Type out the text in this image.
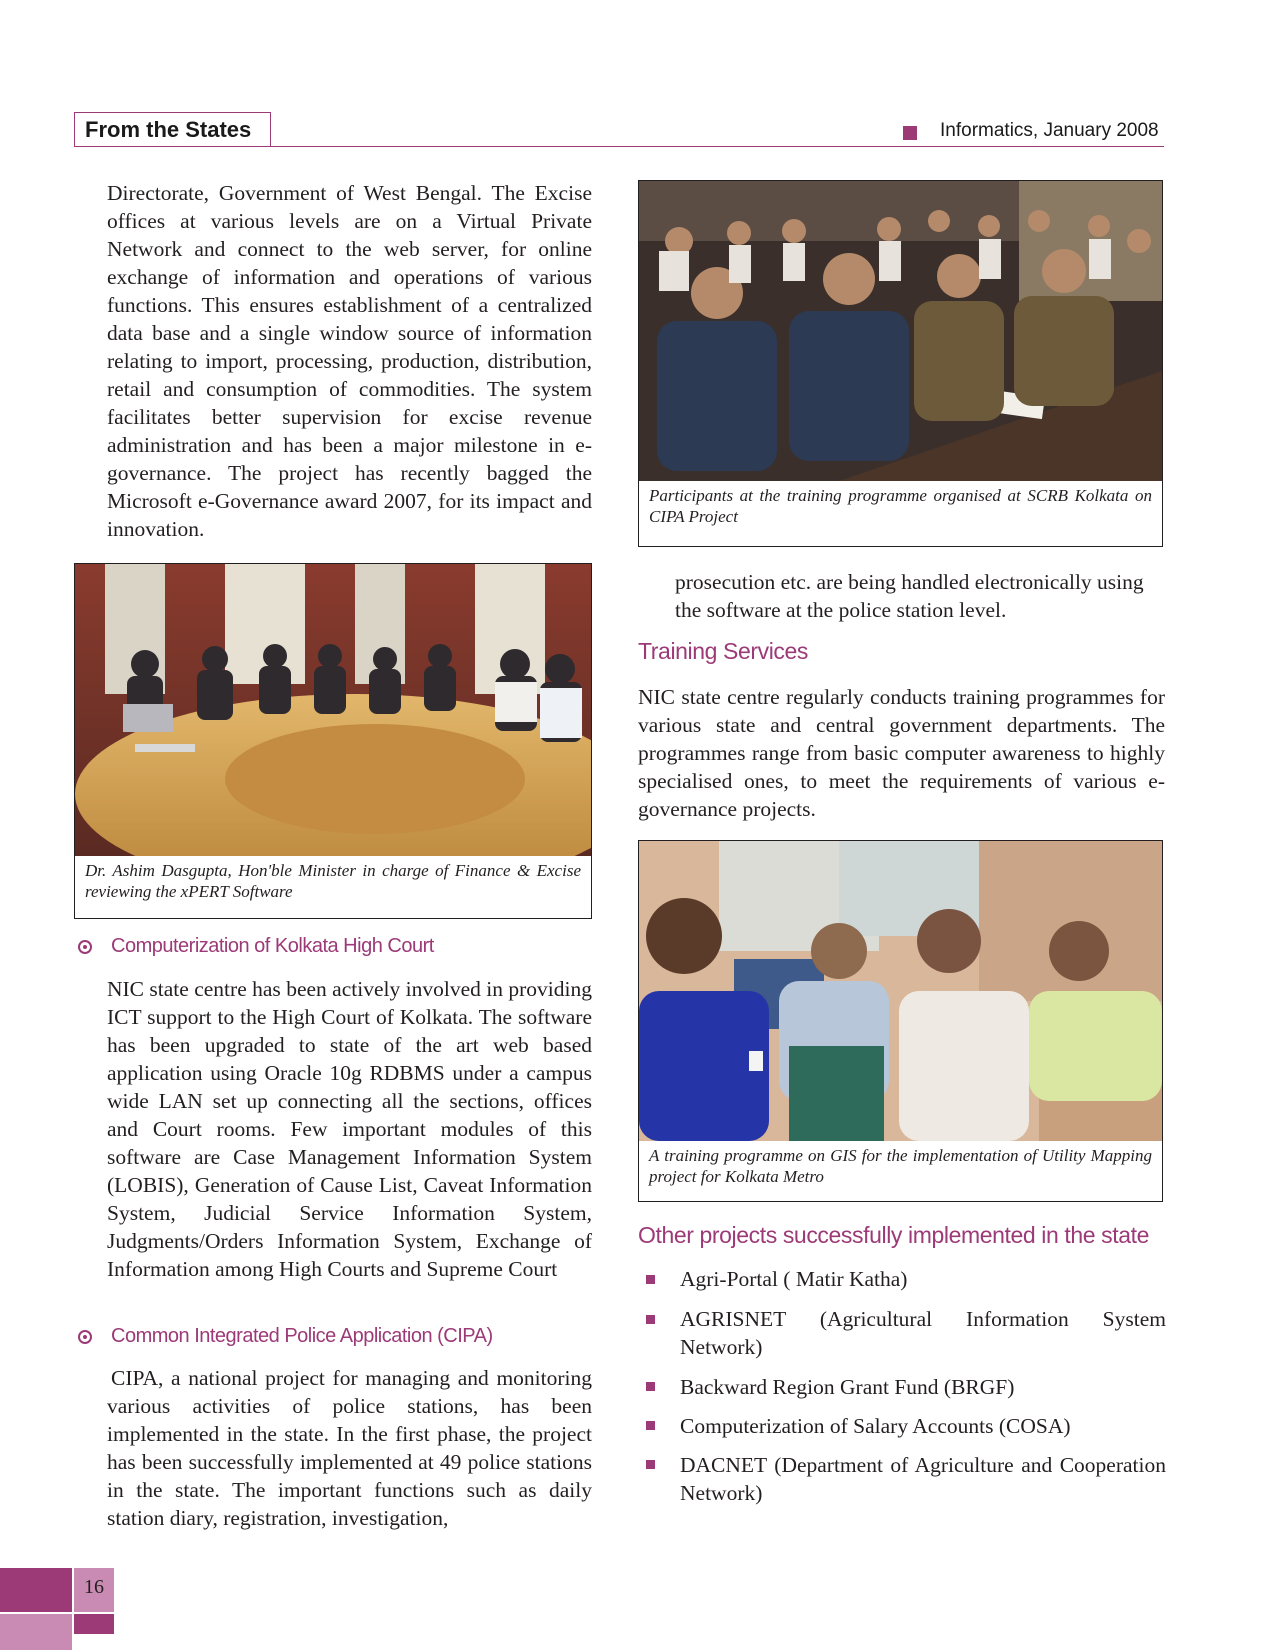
From the States	Informatics, January 2008

Directorate, Government of West Bengal. The Excise offices at various levels are on a Virtual Private Network and connect to the web server, for online exchange of information and operations of various functions. This ensures establishment of a centralized data base and a single window source of information relating to import, processing, production, distribution, retail and consumption of commodities. The system facilitates better supervision for excise revenue administration and has been a major milestone in e-governance. The project has recently bagged the Microsoft e-Governance award 2007, for its impact and innovation.

Dr. Ashim Dasgupta, Hon'ble Minister in charge of Finance & Excise reviewing the xPERT Software
Computerization of Kolkata High Court

NIC state centre has been actively involved in providing ICT support to the High Court of Kolkata. The software has been upgraded to state of the art web based application using Oracle 10g RDBMS under a campus wide LAN set up connecting all the sections, offices and Court rooms. Few important modules of this software are Case Management Information System (LOBIS), Generation of Cause List, Caveat Information System, Judicial Service Information System, Judgments/Orders Information System, Exchange of Information among High Courts and Supreme Court

Common Integrated Police Application (CIPA)

CIPA, a national project for managing and monitoring various activities of police stations, has been implemented in the state. In the first phase, the project has been successfully implemented at 49 police stations in the state. The important functions such as daily station diary, registration, investigation,

Participants at the training programme organised at SCRB Kolkata on CIPA Project

prosecution etc. are being handled electronically using the software at the police station level.

Training Services

NIC state centre regularly conducts training programmes for various state and central government departments. The programmes range from basic computer awareness to highly specialised ones, to meet the requirements of various e-governance projects.

A training programme on GIS for the implementation of Utility Mapping project for Kolkata Metro
Other projects successfully implemented in the state
Agri-Portal ( Matir Katha)
AGRISNET (Agricultural Information System Network)
Backward Region Grant Fund (BRGF)
Computerization of Salary Accounts (COSA)
DACNET (Department of Agriculture and Cooperation Network)
16
